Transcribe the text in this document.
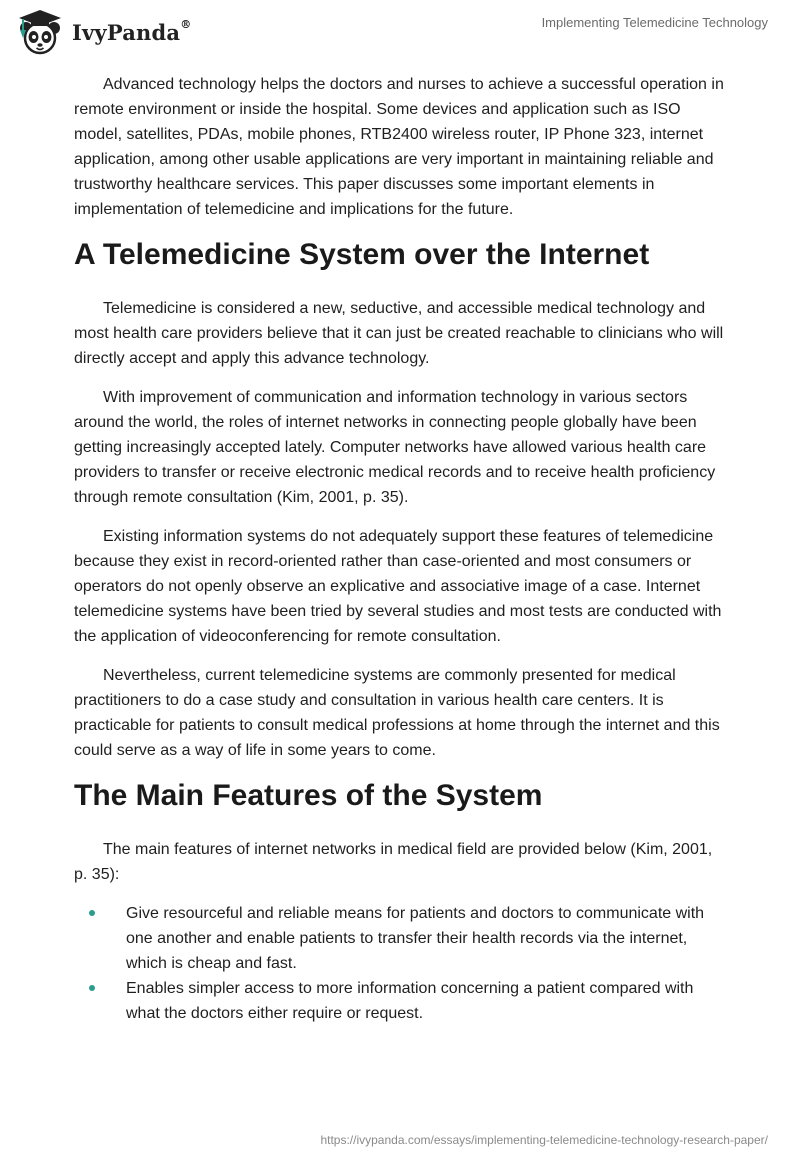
IvyPanda®	Implementing Telemedicine Technology

Advanced technology helps the doctors and nurses to achieve a successful operation in remote environment or inside the hospital. Some devices and application such as ISO model, satellites, PDAs, mobile phones, RTB2400 wireless router, IP Phone 323, internet application, among other usable applications are very important in maintaining reliable and trustworthy healthcare services. This paper discusses some important elements in implementation of telemedicine and implications for the future.

A Telemedicine System over the Internet

Telemedicine is considered a new, seductive, and accessible medical technology and most health care providers believe that it can just be created reachable to clinicians who will directly accept and apply this advance technology.

With improvement of communication and information technology in various sectors around the world, the roles of internet networks in connecting people globally have been getting increasingly accepted lately. Computer networks have allowed various health care providers to transfer or receive electronic medical records and to receive health proficiency through remote consultation (Kim, 2001, p. 35).

Existing information systems do not adequately support these features of telemedicine because they exist in record-oriented rather than case-oriented and most consumers or operators do not openly observe an explicative and associative image of a case. Internet telemedicine systems have been tried by several studies and most tests are conducted with the application of videoconferencing for remote consultation.

Nevertheless, current telemedicine systems are commonly presented for medical practitioners to do a case study and consultation in various health care centers. It is practicable for patients to consult medical professions at home through the internet and this could serve as a way of life in some years to come.

The Main Features of the System

The main features of internet networks in medical field are provided below (Kim, 2001, p. 35):

Give resourceful and reliable means for patients and doctors to communicate with one another and enable patients to transfer their health records via the internet, which is cheap and fast.
Enables simpler access to more information concerning a patient compared with what the doctors either require or request.
https://ivypanda.com/essays/implementing-telemedicine-technology-research-paper/
